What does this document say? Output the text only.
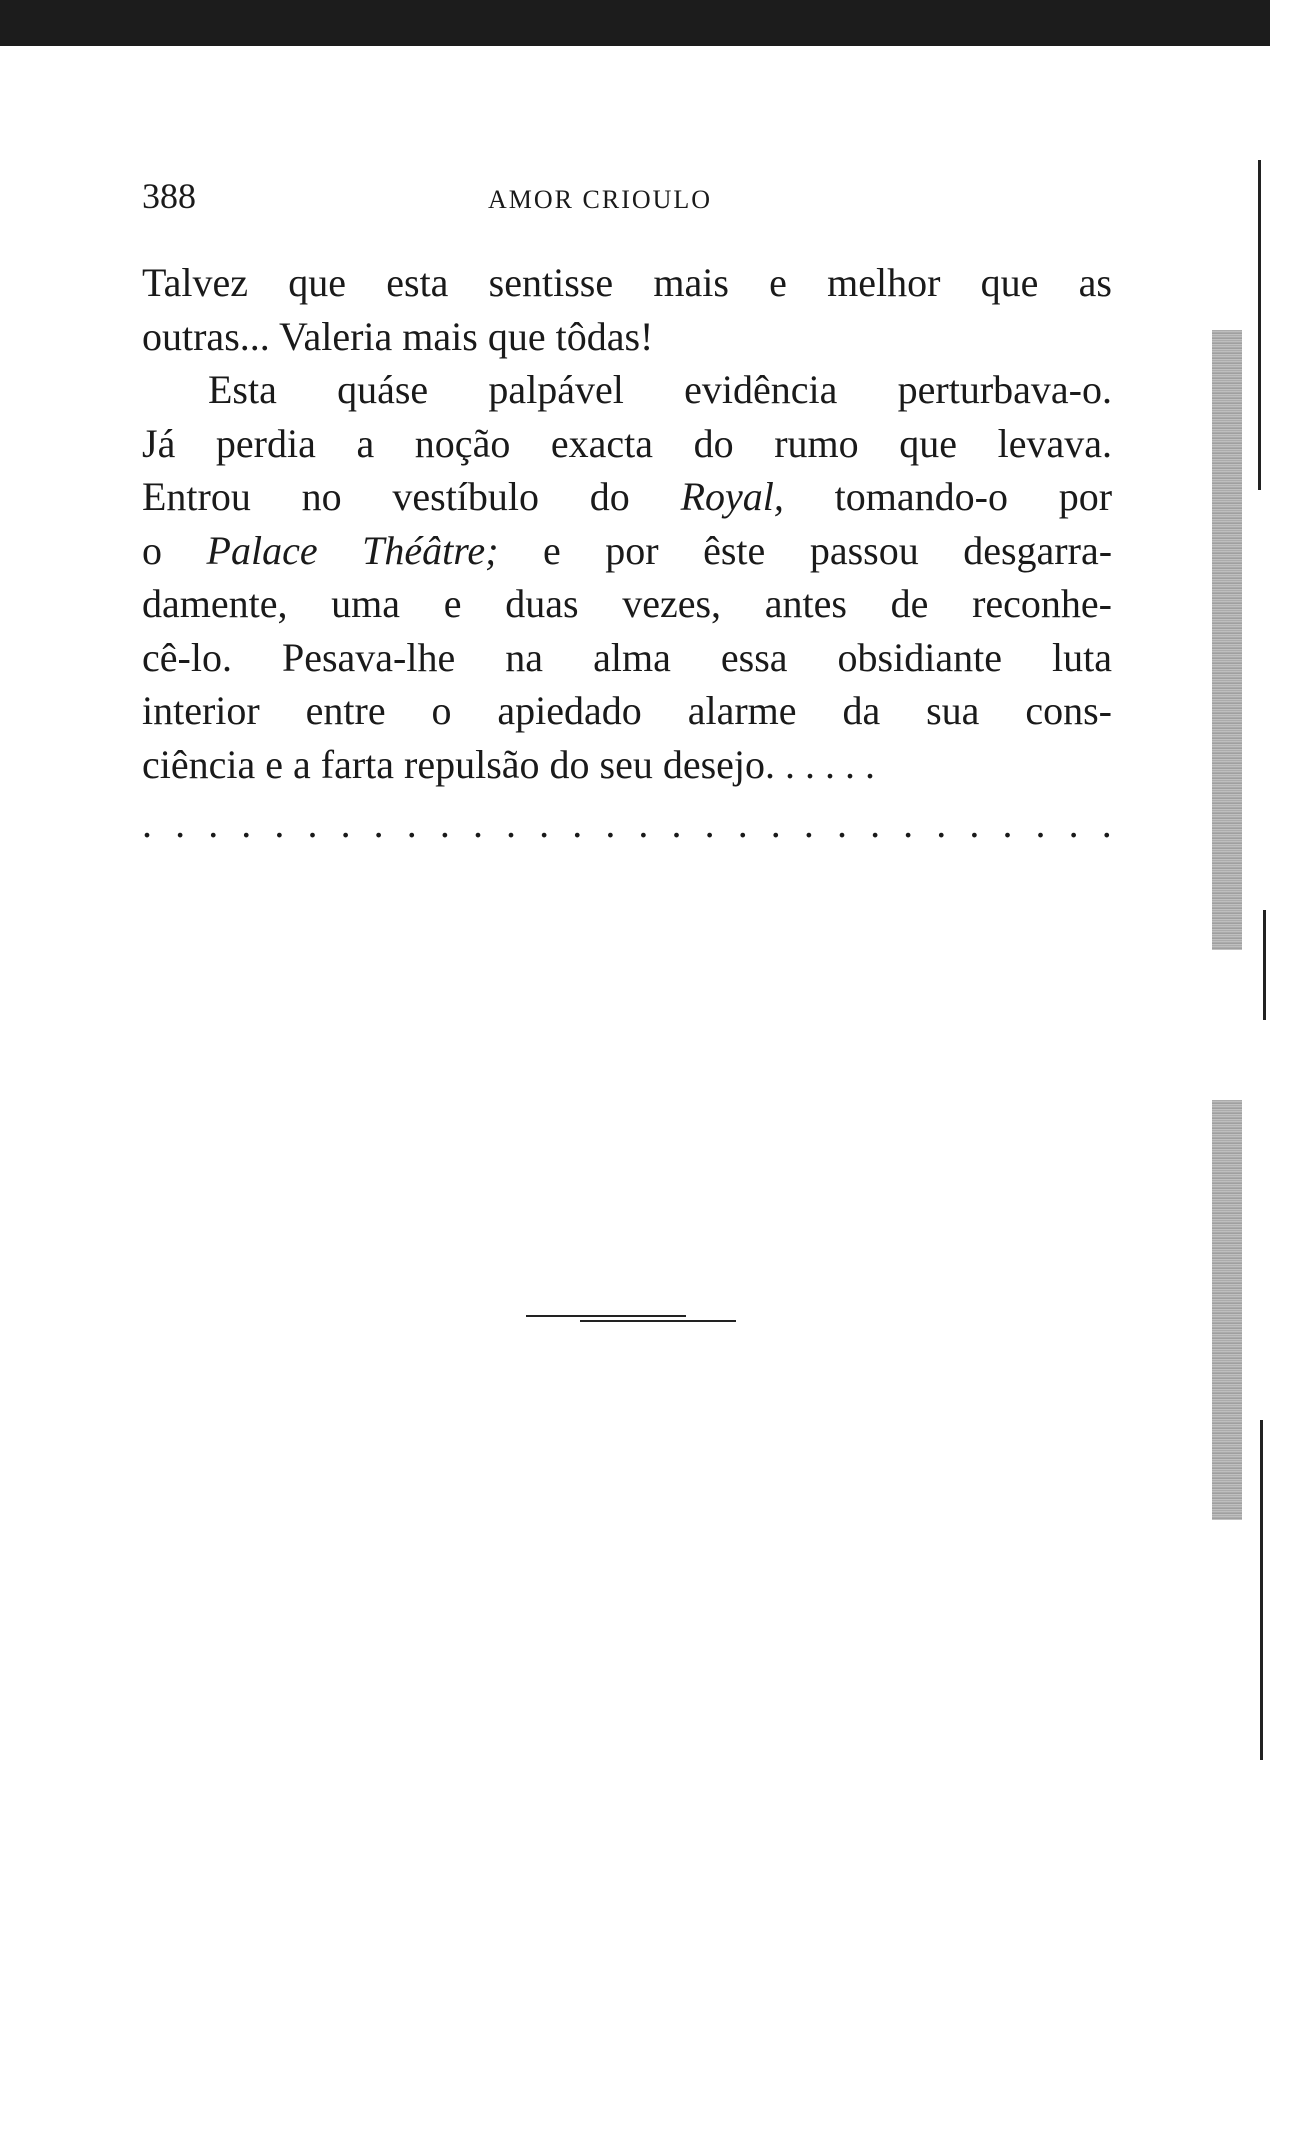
388	AMOR CRIOULO
Talvez que esta sentisse mais e melhor que as
outras... Valeria mais que tôdas!
Esta quáse palpável evidência perturbava-o.
Já perdia a noção exacta do rumo que levava.
Entrou no vestíbulo do Royal, tomando-o por
o Palace Théâtre; e por êste passou desgarra-
damente, uma e duas vezes, antes de reconhe-
cê-lo. Pesava-lhe na alma essa obsidiante luta
interior entre o apiedado alarme da sua cons-
ciência e a farta repulsão do seu desejo. . . . . .
. . . . . . . . . . . . . . . . . . . . . . . . . . . . . .
